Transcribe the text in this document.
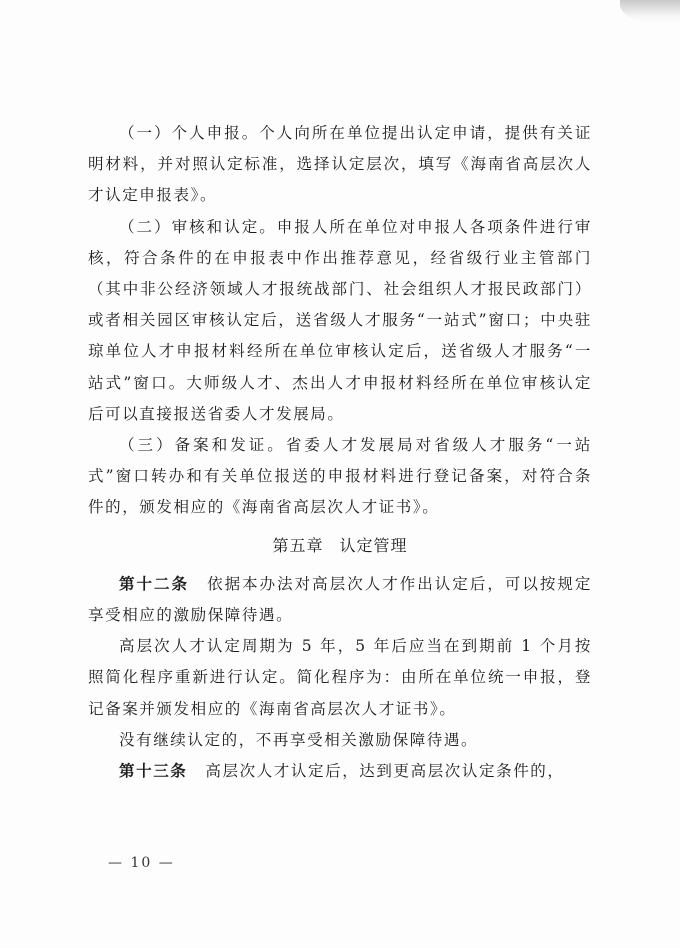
（一）个人申报。个人向所在单位提出认定申请，提供有关证明材料，并对照认定标准，选择认定层次，填写《海南省高层次人才认定申报表》。

（二）审核和认定。申报人所在单位对申报人各项条件进行审核，符合条件的在申报表中作出推荐意见，经省级行业主管部门（其中非公经济领域人才报统战部门、社会组织人才报民政部门）或者相关园区审核认定后，送省级人才服务“一站式”窗口；中央驻琼单位人才申报材料经所在单位审核认定后，送省级人才服务“一站式”窗口。大师级人才、杰出人才申报材料经所在单位审核认定后可以直接报送省委人才发展局。

（三）备案和发证。省委人才发展局对省级人才服务“一站式”窗口转办和有关单位报送的申报材料进行登记备案，对符合条件的，颁发相应的《海南省高层次人才证书》。

第五章 认定管理

第十二条 依据本办法对高层次人才作出认定后，可以按规定享受相应的激励保障待遇。

高层次人才认定周期为 5 年，5 年后应当在到期前 1 个月按照简化程序重新进行认定。简化程序为：由所在单位统一申报，登记备案并颁发相应的《海南省高层次人才证书》。

没有继续认定的，不再享受相关激励保障待遇。

第十三条 高层次人才认定后，达到更高层次认定条件的，

— 10 —
